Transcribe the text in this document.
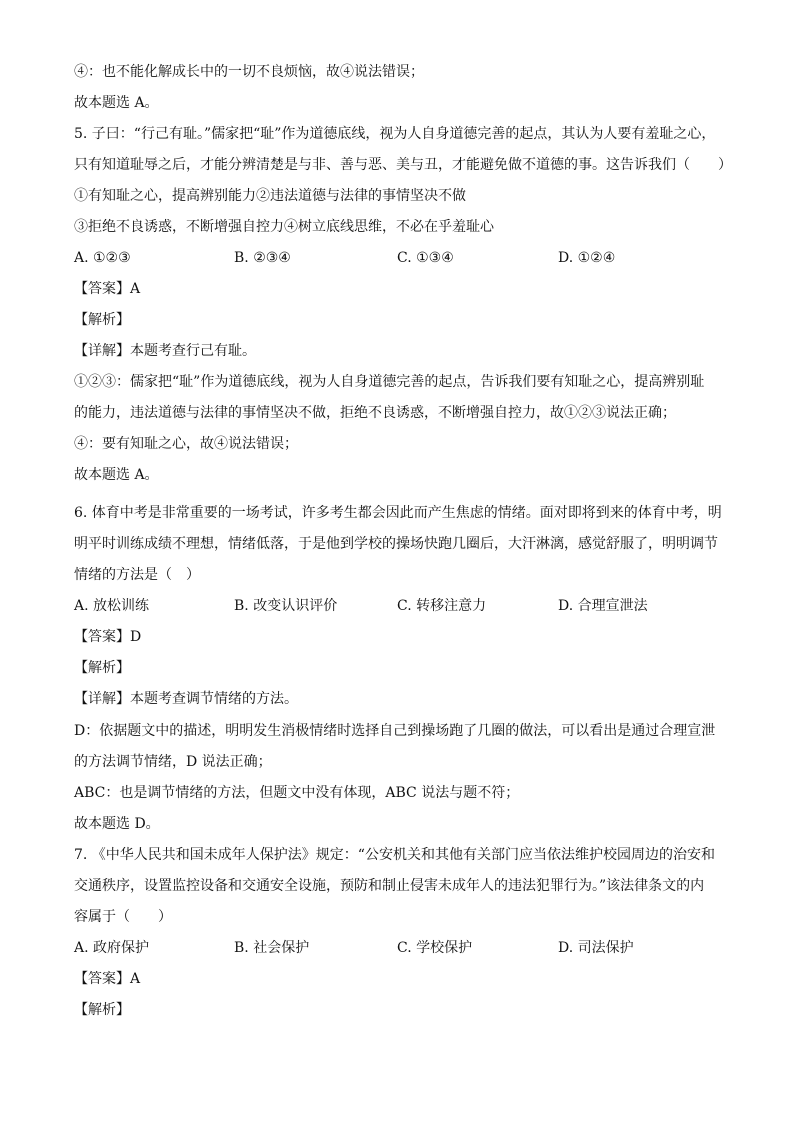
④：也不能化解成长中的一切不良烦恼，故④说法错误；
故本题选 A。
5. 子曰：“行己有耻。”儒家把“耻”作为道德底线，视为人自身道德完善的起点，其认为人要有羞耻之心，
只有知道耻辱之后，才能分辨清楚是与非、善与恶、美与丑，才能避免做不道德的事。这告诉我们（　　）
①有知耻之心，提高辨别能力②违法道德与法律的事情坚决不做
③拒绝不良诱惑，不断增强自控力④树立底线思维，不必在乎羞耻心
A. ①②③	B. ②③④	C. ①③④	D. ①②④
【答案】A
【解析】
【详解】本题考查行己有耻。
①②③：儒家把“耻”作为道德底线，视为人自身道德完善的起点，告诉我们要有知耻之心，提高辨别耻
的能力，违法道德与法律的事情坚决不做，拒绝不良诱惑，不断增强自控力，故①②③说法正确；
④：要有知耻之心，故④说法错误；
故本题选 A。
6. 体育中考是非常重要的一场考试，许多考生都会因此而产生焦虑的情绪。面对即将到来的体育中考，明
明平时训练成绩不理想，情绪低落，于是他到学校的操场快跑几圈后，大汗淋漓，感觉舒服了，明明调节
情绪的方法是（　）
A. 放松训练	B. 改变认识评价	C. 转移注意力	D. 合理宣泄法
【答案】D
【解析】
【详解】本题考查调节情绪的方法。
D：依据题文中的描述，明明发生消极情绪时选择自己到操场跑了几圈的做法，可以看出是通过合理宣泄
的方法调节情绪，D 说法正确；
ABC：也是调节情绪的方法，但题文中没有体现，ABC 说法与题不符；
故本题选 D。
7. 《中华人民共和国未成年人保护法》规定：“公安机关和其他有关部门应当依法维护校园周边的治安和
交通秩序，设置监控设备和交通安全设施，预防和制止侵害未成年人的违法犯罪行为。”该法律条文的内
容属于（　　）
A. 政府保护	B. 社会保护	C. 学校保护	D. 司法保护
【答案】A
【解析】
